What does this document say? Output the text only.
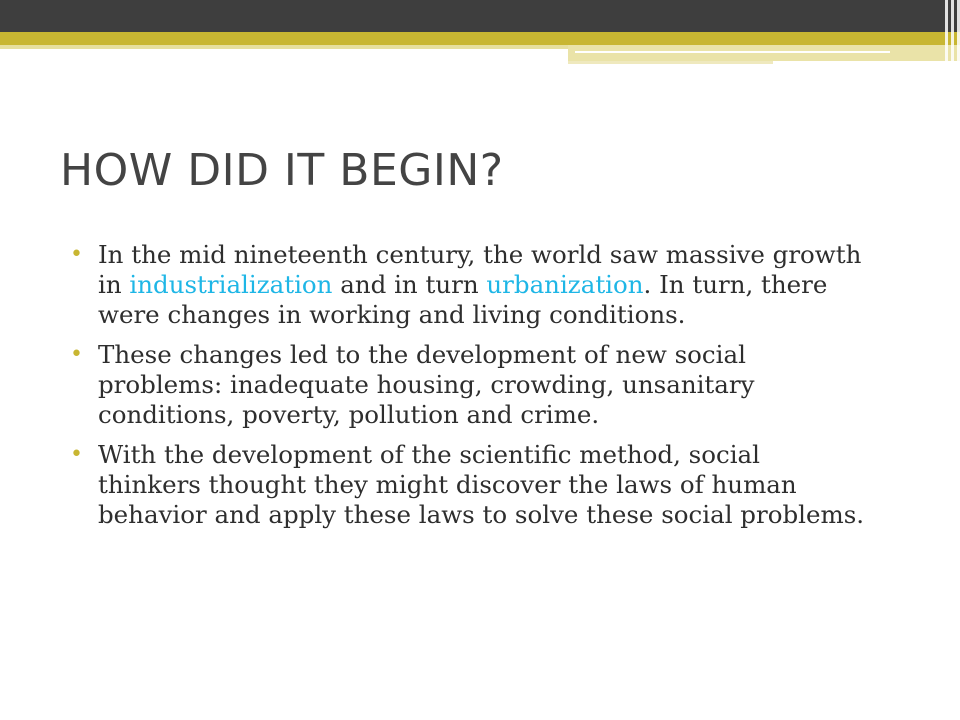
HOW DID IT BEGIN?
• In the mid nineteenth century, the world saw massive growth in industrialization and in turn urbanization. In turn, there were changes in working and living conditions.
• These changes led to the development of new social problems: inadequate housing, crowding, unsanitary conditions, poverty, pollution and crime.
• With the development of the scientific method, social thinkers thought they might discover the laws of human behavior and apply these laws to solve these social problems.
